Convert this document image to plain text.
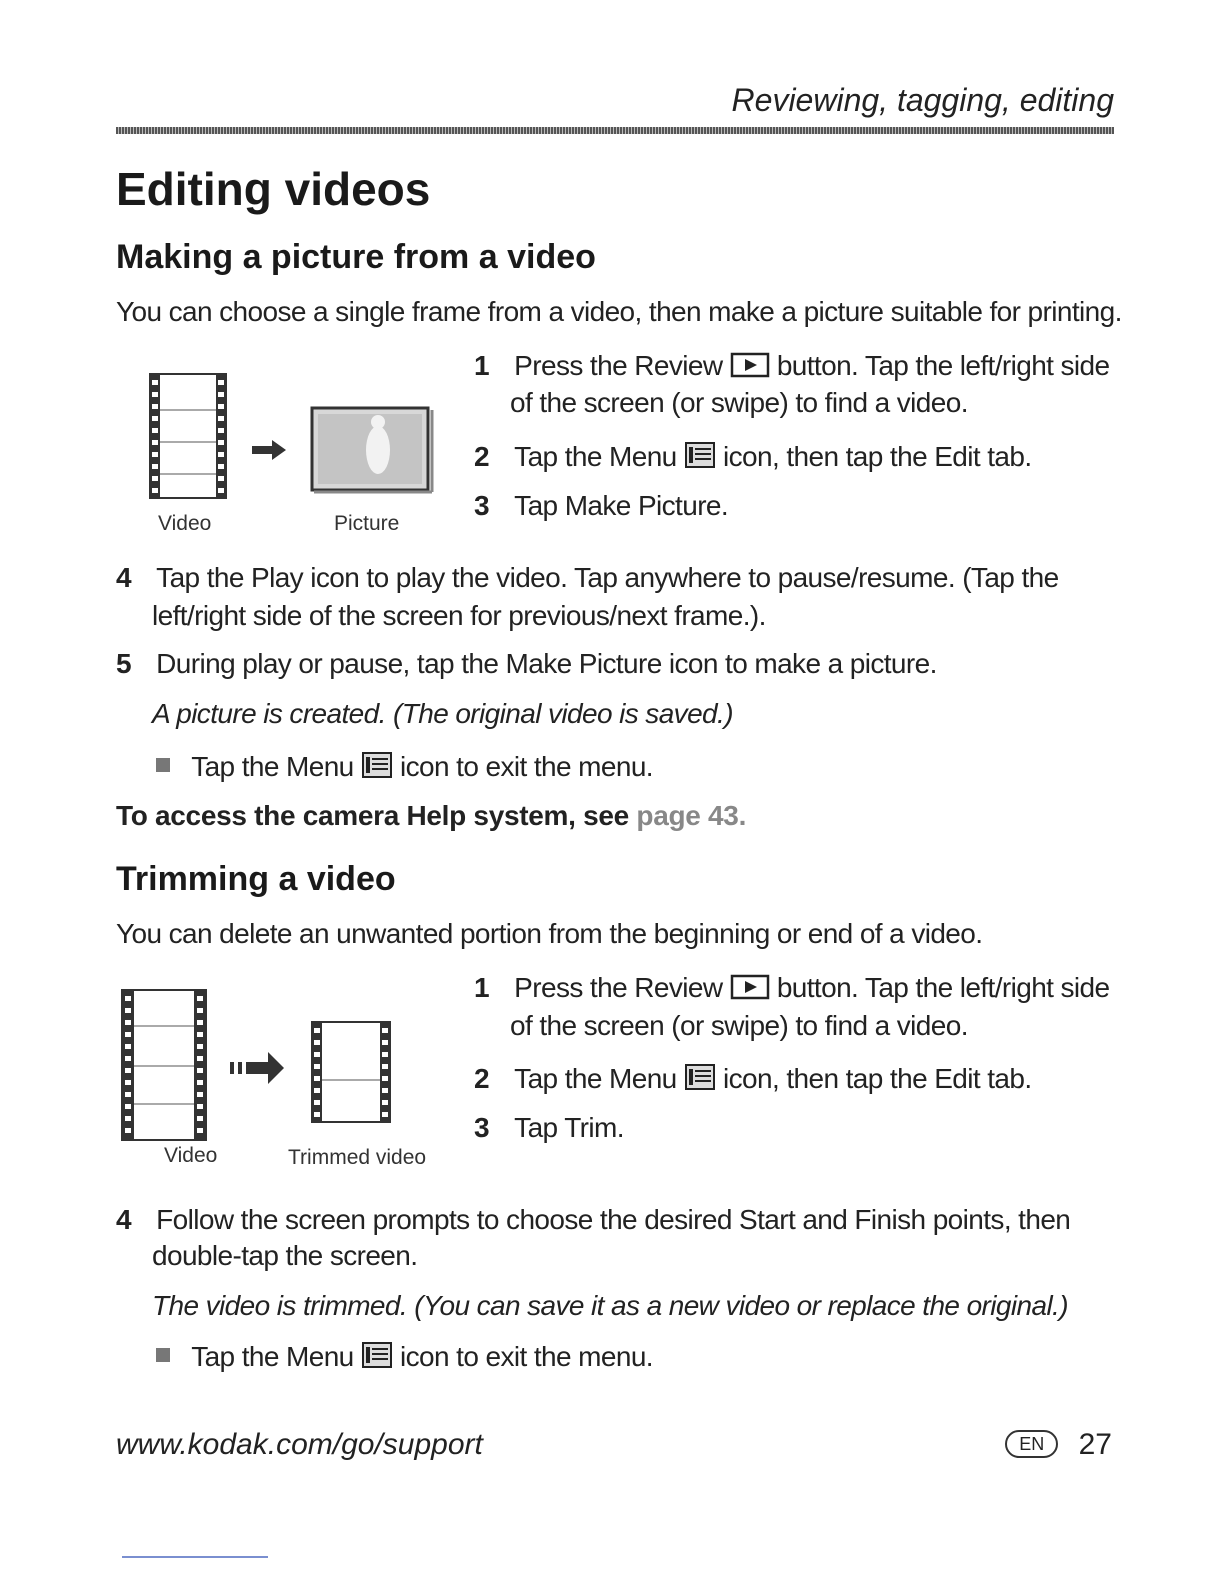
Reviewing, tagging, editing
Editing videos
Making a picture from a video
You can choose a single frame from a video, then make a picture suitable for printing.
Video	Picture
1 Press the Review button. Tap the left/right side
of the screen (or swipe) to find a video.
2 Tap the Menu icon, then tap the Edit tab.
3 Tap Make Picture.
4 Tap the Play icon to play the video. Tap anywhere to pause/resume. (Tap the
left/right side of the screen for previous/next frame.).
5 During play or pause, tap the Make Picture icon to make a picture.
A picture is created. (The original video is saved.)
Tap the Menu icon to exit the menu.
To access the camera Help system, see page 43.
Trimming a video
You can delete an unwanted portion from the beginning or end of a video.
Video	Trimmed video
1 Press the Review button. Tap the left/right side
of the screen (or swipe) to find a video.
2 Tap the Menu icon, then tap the Edit tab.
3 Tap Trim.
4 Follow the screen prompts to choose the desired Start and Finish points, then
double-tap the screen.
The video is trimmed. (You can save it as a new video or replace the original.)
Tap the Menu icon to exit the menu.
www.kodak.com/go/support	EN 27
